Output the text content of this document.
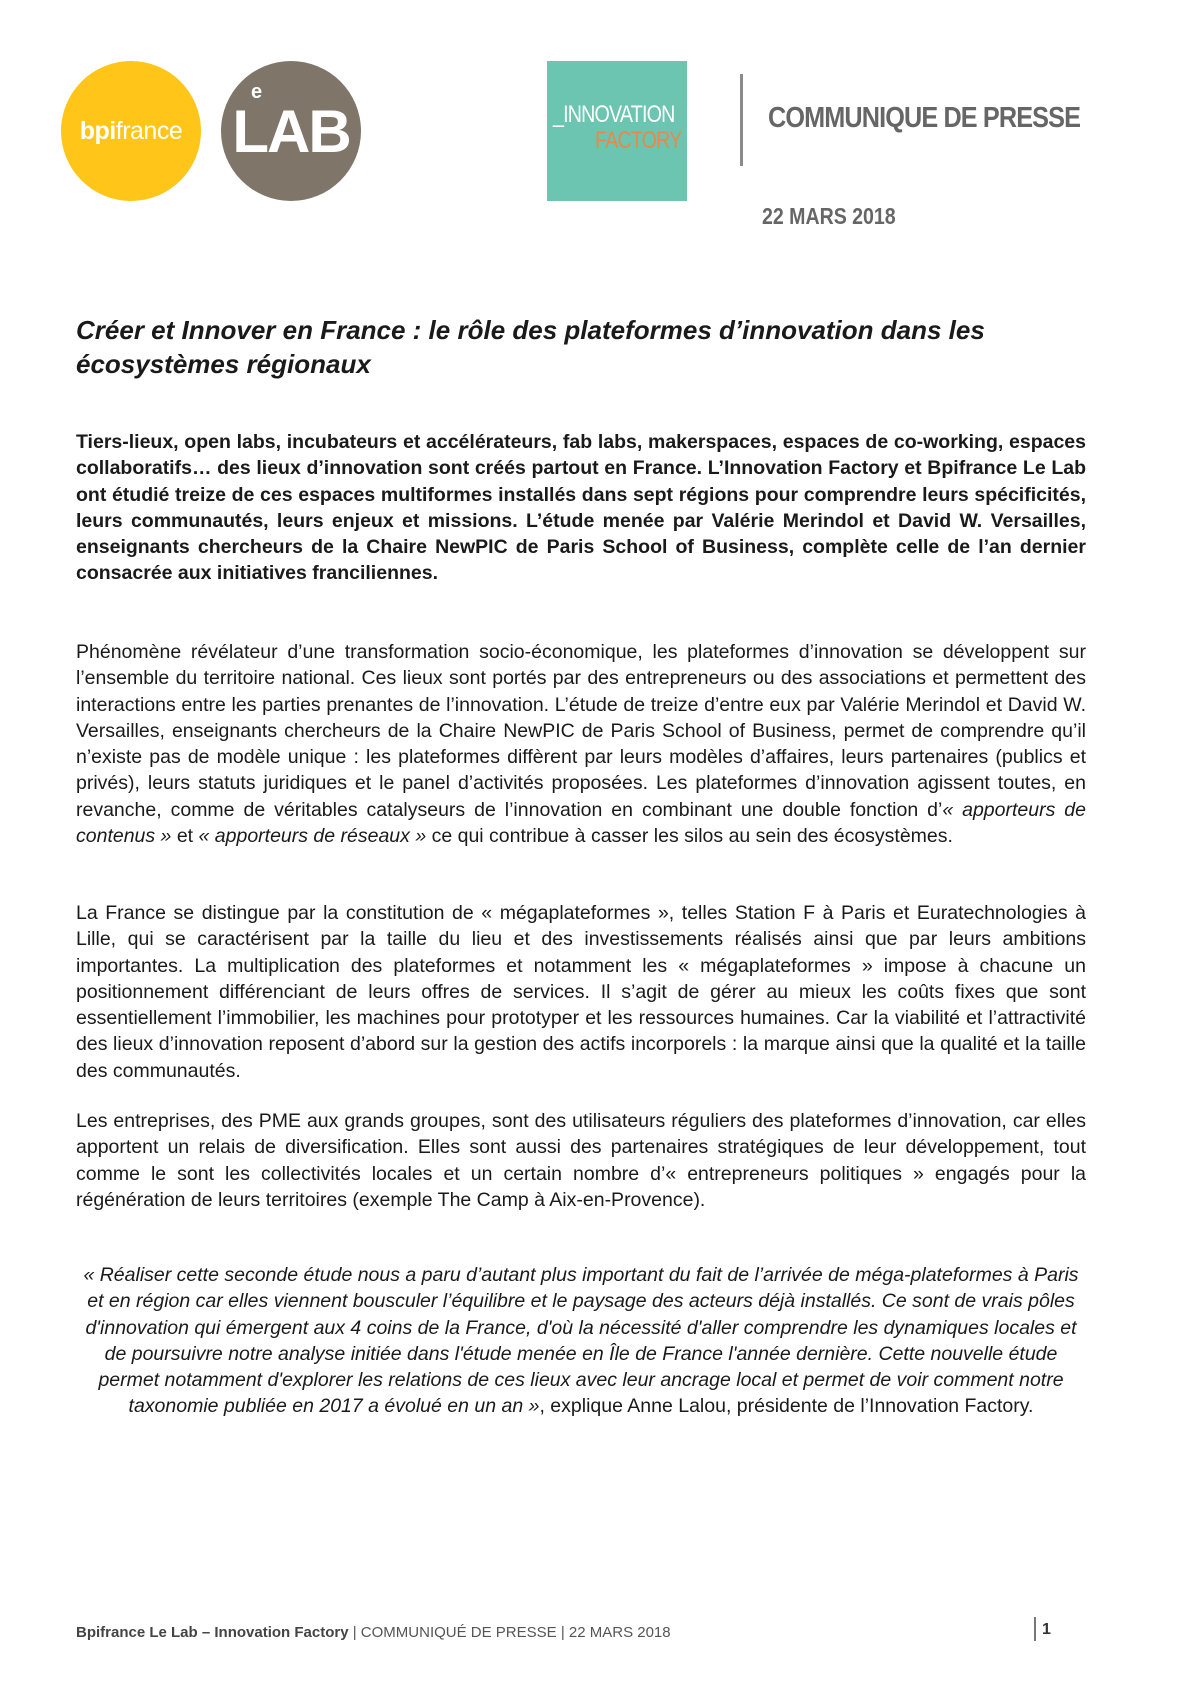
bpi france L
e
AB	_INNOVATION
FACTORY
COMMUNIQUE DE PRESSE
22 MARS 2018
Créer et Innover en France : le rôle des plateformes d’innovation dans les écosystèmes régionaux
Tiers-lieux, open labs, incubateurs et accélérateurs, fab labs, makerspaces, espaces de co-working, espaces collaboratifs… des lieux d’innovation sont créés partout en France. L’Innovation Factory et Bpifrance Le Lab ont étudié treize de ces espaces multiformes installés dans sept régions pour comprendre leurs spécificités, leurs communautés, leurs enjeux et missions. L’étude menée par Valérie Merindol et David W. Versailles, enseignants chercheurs de la Chaire NewPIC de Paris School of Business, complète celle de l’an dernier consacrée aux initiatives franciliennes.
Phénomène révélateur d’une transformation socio-économique, les plateformes d’innovation se développent sur l’ensemble du territoire national. Ces lieux sont portés par des entrepreneurs ou des associations et permettent des interactions entre les parties prenantes de l’innovation. L’étude de treize d’entre eux par Valérie Merindol et David W. Versailles, enseignants chercheurs de la Chaire NewPIC de Paris School of Business, permet de comprendre qu’il n’existe pas de modèle unique : les plateformes diffèrent par leurs modèles d’affaires, leurs partenaires (publics et privés), leurs statuts juridiques et le panel d’activités proposées. Les plateformes d’innovation agissent toutes, en revanche, comme de véritables catalyseurs de l’innovation en combinant une double fonction d’« apporteurs de contenus » et « apporteurs de réseaux » ce qui contribue à casser les silos au sein des écosystèmes.
La France se distingue par la constitution de « mégaplateformes », telles Station F à Paris et Euratechnologies à Lille, qui se caractérisent par la taille du lieu et des investissements réalisés ainsi que par leurs ambitions importantes. La multiplication des plateformes et notamment les « mégaplateformes » impose à chacune un positionnement différenciant de leurs offres de services. Il s’agit de gérer au mieux les coûts fixes que sont essentiellement l’immobilier, les machines pour prototyper et les ressources humaines. Car la viabilité et l’attractivité des lieux d’innovation reposent d’abord sur la gestion des actifs incorporels : la marque ainsi que la qualité et la taille des communautés.
Les entreprises, des PME aux grands groupes, sont des utilisateurs réguliers des plateformes d’innovation, car elles apportent un relais de diversification. Elles sont aussi des partenaires stratégiques de leur développement, tout comme le sont les collectivités locales et un certain nombre d’« entrepreneurs politiques » engagés pour la régénération de leurs territoires (exemple The Camp à Aix-en-Provence).
« Réaliser cette seconde étude nous a paru d’autant plus important du fait de l’arrivée de méga-plateformes à Paris et en région car elles viennent bousculer l’équilibre et le paysage des acteurs déjà installés. Ce sont de vrais pôles d'innovation qui émergent aux 4 coins de la France, d'où la nécessité d'aller comprendre les dynamiques locales et de poursuivre notre analyse initiée dans l'étude menée en Île de France l'année dernière. Cette nouvelle étude permet notamment d'explorer les relations de ces lieux avec leur ancrage local et permet de voir comment notre taxonomie publiée en 2017 a évolué en un an », explique Anne Lalou, présidente de l’Innovation Factory.
Bpifrance Le Lab – Innovation Factory | COMMUNIQUÉ DE PRESSE | 22 MARS 2018	1
